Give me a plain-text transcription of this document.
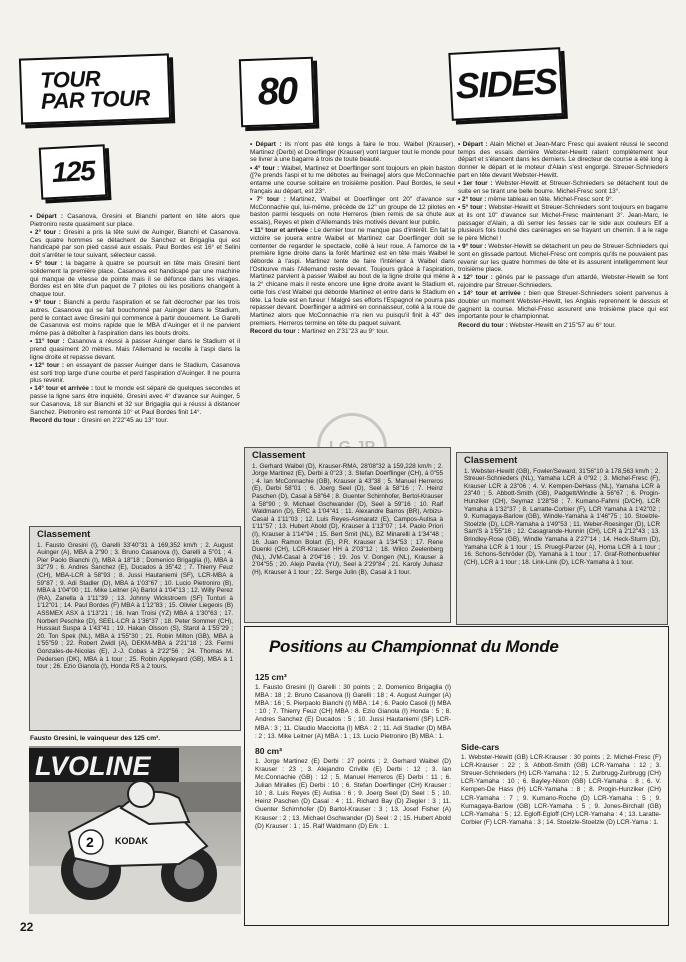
TOUR
PAR TOUR	80	SIDES
125

• Départ : Casanova, Gresini et Bianchi partent en tête alors que Pietroniro reste quasiment sur place.

• 2° tour : Gresini a pris la tête suivi de Auinger, Bianchi et Casanova. Ces quatre hommes se détachent de Sanchez et Brigaglia qui est handicapé par son pied cassé aux essais. Paul Bordes est 16° et Selini doit s'arrêter le tour suivant, sélecteur cassé.

• 5° tour : la bagarre à quatre se poursuit en tête mais Gresini tient solidement la première place. Casanova est handicapé par une machine qui manque de vitesse de pointe mais il se défonce dans les virages. Bordes est en tête d'un paquet de 7 pilotes où les positions changent à chaque tour.

• 9° tour : Bianchi a perdu l'aspiration et se fait décrocher par les trois autres. Casanova qui se fait bouchonné par Auinger dans le Stadium, perd le contact avec Gresini qui commence à partir doucement. Le Garelli de Casanova est moins rapide que le MBA d'Auinger et il ne parvient même pas à déboîter à l'aspiration dans les bouts droits.

• 11° tour : Casanova a réussi à passer Auinger dans le Stadium et il prend quasiment 20 mètres. Mais l'Allemand le recolle à l'aspi dans la ligne droite et repasse devant.

• 12° tour : en essayant de passer Auinger dans le Stadium, Casanova est sorti trop large d'une courbe et perd l'aspiration d'Auinger. Il ne pourra plus revenir.

• 14° tour et arrivée : tout le monde est séparé de quelques secondes et passe la ligne sans être inquiété. Gresini avec 4° d'avance sur Auinger, 5 sur Casanova, 18 sur Bianchi et 32 sur Brigaglia qui a réussi à distancer Sanchez. Pietroniro est remonté 10° et Paul Bordes finit 14°.

Record du tour : Gresini en 2'22"45 au 13° tour.

• Départ : ils n'ont pas été longs à faire le trou. Waibel (Krauser), Martinez (Derbi) et Doerflinger (Krauser) vont larguer tout le monde pour se livrer à une bagarre à trois de toute beauté.

• 4° tour : Waibel, Martinez et Doerflinger sont toujours en plein baston ([?e prends l'aspi et tu me débotes au freinage] alors que McConnachie entame une course solitaire en troisième position. Paul Bordes, le seul français au départ, est 23°.

• 7° tour : Martinez, Waibel et Doerflinger ont 20" d'avance sur McConnachie qui, lui-même, précède de 12" un groupe de 12 pilotes en baston parmi lesquels on note Herreros (bien remis de sa chute aux essais), Reyes et plein d'Allemands très motivés devant leur public.

• 11° tour et arrivée : Le dernier tour ne manque pas d'intérêt. En fait la victoire se jouera entre Waibel et Martinez car Doerflinger doit se contenter de regarder le spectacle, collé à leur roue. A l'amorce de la première ligne droite dans la forêt Martinez est en tête mais Waibel le déborde à l'aspi. Martinez tente de faire l'intérieur à Waibel dans l'Ostkurve mais l'Allemand reste devant. Toujours grâce à l'aspiration, Martinez parvient à passer Waibel au bout de la ligne droite qui mène à la 2° chicane mais il reste encore une ligne droite avant le Stadium et, cette fois c'est Waibel qui déborde Martinez et entre dans le Stadium en tête. La foule est en fureur ! Malgré ses efforts l'Espagnol ne pourra pas repasser devant. Doerflinger a admiré en connaisseur, collé à la roue de Martinez alors que McConnachie n'a rien vu puisqu'il finit à 43" des premiers. Herreros termine en tête du paquet suivant.

Record du tour : Martinez en 2'31"23 au 9° tour.

• Départ : Alain Michel et Jean-Marc Fresc qui avaient réussi le second temps des essais derrière Webster-Hewitt ratent complètement leur départ et s'élancent dans les derniers. Le directeur de course a été long à donner le départ et le moteur d'Alain s'est engorgé. Streuer-Schnieders part en tête devant Webster-Hewitt.

• 1er tour : Webster-Hewitt et Streuer-Schnieders se détachent tout de suite en se tirant une belle bourre. Michel-Fresc sont 13°.

• 2° tour : même tableau en tête. Michel-Fresc sont 9°.

• 5° tour : Webster-Hewitt et Streuer-Schnieders sont toujours en bagarre et ils ont 10" d'avance sur Michel-Fresc maintenant 3°. Jean-Marc, le passager d'Alain, a dû serrer les fesses car le side aux couleurs Elf a plusieurs fois touché des carénages en se frayant un chemin. Il a le rage le père Michel !

• 9° tour : Webster-Hewitt se détachent un peu de Streuer-Schnieders qui sont en glissade partout. Michel-Fresc ont compris qu'ils ne pouvaient pas revenir sur les quatre hommes de tête et ils assurent intelligemment leur troisième place.

• 12° tour : gênés par le passage d'un attardé, Webster-Hewitt se font rejoindre par Streuer-Schnieders.

• 14° tour et arrivée : bien que Streuer-Schnieders soient parvenus à doubler un moment Webster-Hewitt, les Anglais reprennent le dessus et gagnent la course. Michel-Fresc assurent une troisième place qui est importante pour le championnat.

Record du tour : Webster-Hewitt en 2'15"57 au 6° tour.

Classement
1. Fausto Gresini (I), Garelli 33'40"31 à 169,352 km/h ; 2. August Auinger (A), MBA à 2"90 ; 3. Bruno Casanova (I), Garelli à 5"01 ; 4. Pier Paolo Bianchi (I), MBA à 18"18 ; Domenico Brigaglia (I), MBA à 32"79 ; 6. Andres Sanchez (E), Ducados à 35"42 ; 7. Thierry Feuz (CH), MBA-LCR à 58"93 ; 8. Jussi Hautaniemi (SF), LCR-MBA à 59"87 ; 9. Adi Stadler (D), MBA à 1'03"67 ; 10. Lucio Pietroniro (B), MBA à 1'04"00 ; 11. Mike Leitner (A) Bartol à 1'04"13 ; 12. Willy Perez (RA), Zanella à 1'11"39 ; 13. Johnny Wickstroem (SF) Tunturi à 1'12"01 ; 14. Paul Bordes (F) MBA à 1'12"83 ; 15. Olivier Liegeois (B) ASSMEX ASX à 1'13"21 ; 16. Ivan Troisi (YZ) MBA à 1'30"63 ; 17. Norbert Peschke (D), SEEL-LCR à 1'36"37 ; 18. Peter Sommer (CH), Hussaut Suspa à 1'43"41 ; 19. Hakan Olsson (S), Starol à 1'55"29 ; 20. Ton Spek (NL), MBA à 1'55"30 ; 21. Robin Milton (GB), MBA à 1'55"59 ; 22. Robert Zwidl (A), DEKM-MBA à 2'21"18 ; 23. Fermi Gonzales-de-Nicolas (E), J.-J. Cobas à 2'22"56 ; 24. Thomas M. Pedersen (DK), MBA à 1 tour ; 25. Robin Appleyard (GB), MBA à 1 tour ; 26. Ezio Gianola (I), Honda RS à 2 tours.
Classement
1. Gerhard Waibel (D), Krauser-RMA, 28'08"32 à 159,228 km/h ; 2. Jorge Martinez (E), Derbi à 0"23 ; 3. Stefan Doerflinger (CH), à 0"55 ; 4. Ian McConnachie (GB), Krauser à 43"38 ; 5. Manuel Herreros (E), Derbi 58"01 ; 6. Joerg Seel (D), Seel à 58"16 ; 7. Heinz Paschen (D), Casal à 58"64 ; 8. Guenter Schirnhofer, Bertol-Krauser à 58"90 ; 9. Michael Gschwander (D), Seel à 59"16 ; 10. Ralf Waldmann (D), ERC à 1'04"41 ; 11. Alexandre Barros (BR), Arbizu-Casal à 1'11"03 ; 12. Luis Reyes-Asmaratz (E), Campos-Autisa à 1'11"57 ; 13. Hubert Abold (D), Krauser à 1'13"07 ; 14. Paolo Priori (I), Krauser à 1'14"94 ; 15. Bert Smit (NL), BZ Minarelli à 1'34"48 ; 16. Juan Ramon Bolart (E), P.R. Krauser à 1'34"53 ; 17. Rene Duenki (CH), LCR-Krauser HH à 2'03"12 ; 18. Wilco Zeelenberg (NL), JVM-Casal à 2'04"16 ; 19. Jos V. Dongen (NL), Krauser à 2'04"55 ; 20. Alejo Pavila (YU), Seel à 2'29"84 ; 21. Karoly Juhasz (H), Krauser à 1 tour ; 22. Serge Julin (B), Casal à 1 tour.
Classement
1. Webster-Hewitt (GB), Fowler/Seward, 31'56"10 à 178,563 km/h ; 2. Streuer-Schnieders (NL), Yamaha LCR à 0"92 ; 3. Michel-Fresc (F), Krauser LCR à 23"06 ; 4. V. Kempen-DeHass (NL), Yamaha LCR à 23"40 ; 5. Abbott-Smith (GB), Padgett/Windle à 56"67 ; 6. Progin-Hunziker (CH), Seymaz 1'28"58 ; 7. Kumano-Fahrni (D/CH), LCR Yamaha à 1'32"37 ; 8. Larratte-Corbier (F), LCR Yamaha à 1'42"02 ; 9. Kumagaya-Barlow (GB), Windle-Yamaha à 1'46"75 ; 10. Stoelzle-Stoelzle (D), LCR-Yamaha à 1'49"53 ; 11. Weber-Roesinger (D), LCR Sam'S à 1'55"16 ; 12. Casagrande-Hunnin (CH), LCR à 2'12"43 ; 13. Brindley-Rose (GB), Windle Yamaha à 2'27"14 ; 14. Heck-Sturm (D), Yamaha LCR à 1 tour ; 15. Pruegl-Parzer (A), Homa LCR à 1 tour ; 16. Schons-Schröder (D), Yamaha à 1 tour ; 17. Graf-Rothenbuehler (CH), LCR à 1 tour ; 18. Link-Link (D), LCR-Yamaha à 1 tour.
Positions au Championnat du Monde
125 cm³
1. Fausto Gresini (I) Garelli : 30 points ; 2. Domenico Brigaglia (I) MBA : 18 ; 2. Bruno Casanova (I) Garelli : 18 ; 4. August Auinger (A) MBA : 16 ; 5. Pierpaolo Bianchi (I) MBA : 14 ; 6. Paolo Casoli (I) MBA : 10 ; 7. Thierry Feuz (CH) MBA : 8. Ezio Gianola (I) Honda : 5 ; 8. Andres Sanchez (E) Ducados : 5 ; 10. Jussi Hautaniemi (SF) LCR-MBA : 3 ; 11. Claudio Macciotta (I) MBA : 2 ; 11. Adi Stadler (D) MBA : 2 ; 13. Mike Leitner (A) MBA : 1 ; 13. Lucio Pietroniro (B) MBA : 1.
80 cm³
1. Jorge Martinez (E) Derbi : 27 points ; 2. Gerhard Waibel (D) Krauser : 23 ; 3. Alejandro Criville (E) Derbi : 12 ; 3. Ian Mc.Connachie (GB) : 12 ; 5. Manuel Herreros (E) Derbi : 11 ; 6. Julian Miralles (E) Derbi : 10 ; 6. Stefan Doerflinger (CH) Krauser : 10 ; 8. Luis Reyes (E) Autisa : 6 ; 9. Joerg Seel (D) Seel : 5 ; 10. Heinz Paschen (D) Casal : 4 ; 11. Richard Bay (D) Ziegler : 3 ; 11. Guenter Schirnhofer (D) Bartol-Krauser : 3 ; 13. Josef Fisher (A) Krauser : 2 ; 13. Michael Gschwander (D) Seel : 2 ; 15. Hubert Abold (D) Krauser : 1 ; 15. Ralf Waldmann (D) Erk : 1.
Side-cars
1. Webster-Hewitt (GB) LCR-Krauser : 30 points ; 2. Michel-Fresc (F) LCR-Krauser : 22 ; 3. Abbott-Smith (GB) LCR-Yamaha : 12 ; 3. Streuer-Schnieders (H) LCR-Yamaha : 12 ; 5. Zurbrugg-Zurbrugg (CH) LCR-Yamaha : 10 ; 6. Bayley-Nixon (GB) LCR-Yamaha : 8 ; 6. V. Kempen-De Hass (H) LCR-Yamaha : 8 ; 8. Progin-Hunziker (CH) LCR-Yamaha : 7 ; 9. Kumano-Roche (D) LCR-Yamaha : 5 ; 9. Kumagaya-Barlow (GB) LCR-Yamaha : 5 ; 9. Jones-Birchall (GB) LCR-Yamaha : 5 ; 12. Egloff-Egloff (CH) LCR-Yamaha : 4 ; 13. Laratte-Corbier (F) LCR-Yamaha : 3 ; 14. Stoelzle-Stoelzle (D) LCR-Yama : 1.
Fausto Gresini, le vainqueur des 125 cm³.
LVOLINE
2 KODAK
22
